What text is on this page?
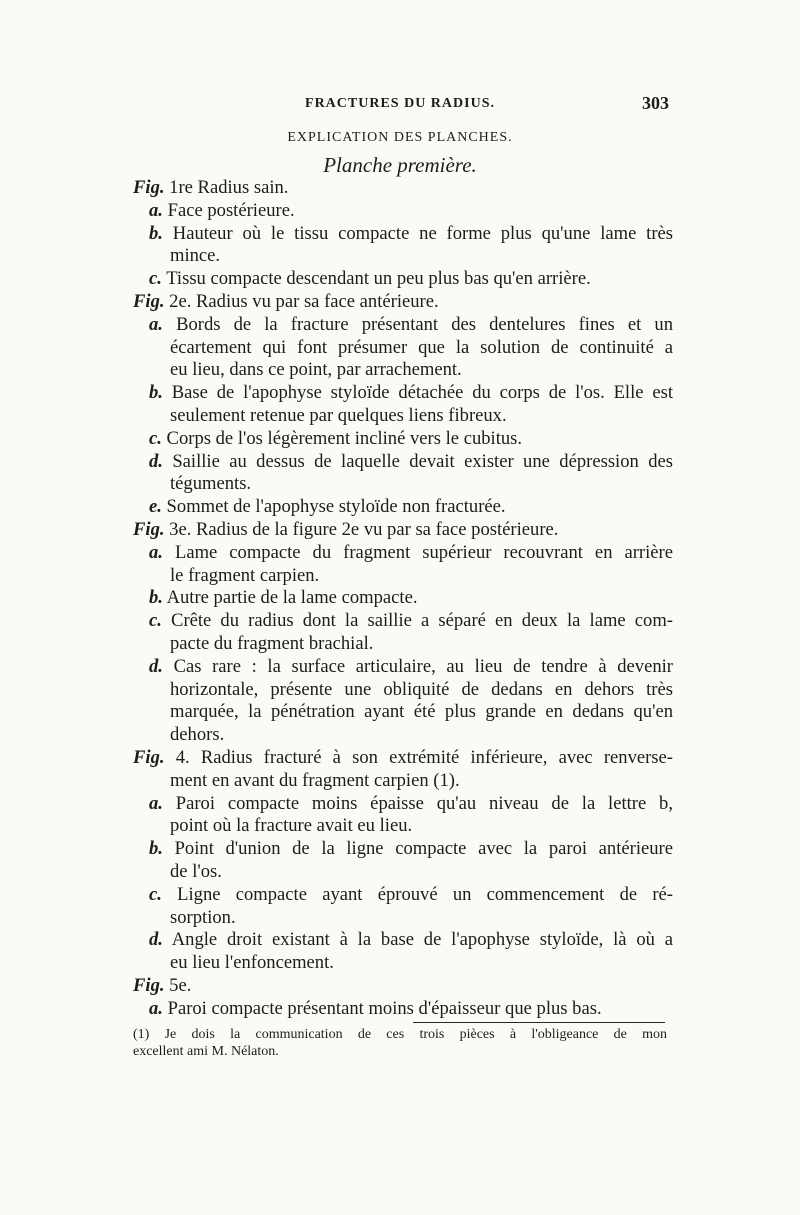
FRACTURES DU RADIUS.	303
EXPLICATION DES PLANCHES.
Planche première.
Fig. 1re Radius sain.
a. Face postérieure.
b. Hauteur où le tissu compacte ne forme plus qu'une lame très
mince.
c. Tissu compacte descendant un peu plus bas qu'en arrière.
Fig. 2e. Radius vu par sa face antérieure.
a. Bords de la fracture présentant des dentelures fines et un
écartement qui font présumer que la solution de continuité a
eu lieu, dans ce point, par arrachement.
b. Base de l'apophyse styloïde détachée du corps de l'os. Elle est
seulement retenue par quelques liens fibreux.
c. Corps de l'os légèrement incliné vers le cubitus.
d. Saillie au dessus de laquelle devait exister une dépression des
téguments.
e. Sommet de l'apophyse styloïde non fracturée.
Fig. 3e. Radius de la figure 2e vu par sa face postérieure.
a. Lame compacte du fragment supérieur recouvrant en arrière
le fragment carpien.
b. Autre partie de la lame compacte.
c. Crête du radius dont la saillie a séparé en deux la lame com-
pacte du fragment brachial.
d. Cas rare : la surface articulaire, au lieu de tendre à devenir
horizontale, présente une obliquité de dedans en dehors très
marquée, la pénétration ayant été plus grande en dedans qu'en
dehors.
Fig. 4. Radius fracturé à son extrémité inférieure, avec renverse-
ment en avant du fragment carpien (1).
a. Paroi compacte moins épaisse qu'au niveau de la lettre b,
point où la fracture avait eu lieu.
b. Point d'union de la ligne compacte avec la paroi antérieure
de l'os.
c. Ligne compacte ayant éprouvé un commencement de ré-
sorption.
d. Angle droit existant à la base de l'apophyse styloïde, là où a
eu lieu l'enfoncement.
Fig. 5e.
a. Paroi compacte présentant moins d'épaisseur que plus bas.
(1) Je dois la communication de ces trois pièces à l'obligeance de mon
excellent ami M. Nélaton.
